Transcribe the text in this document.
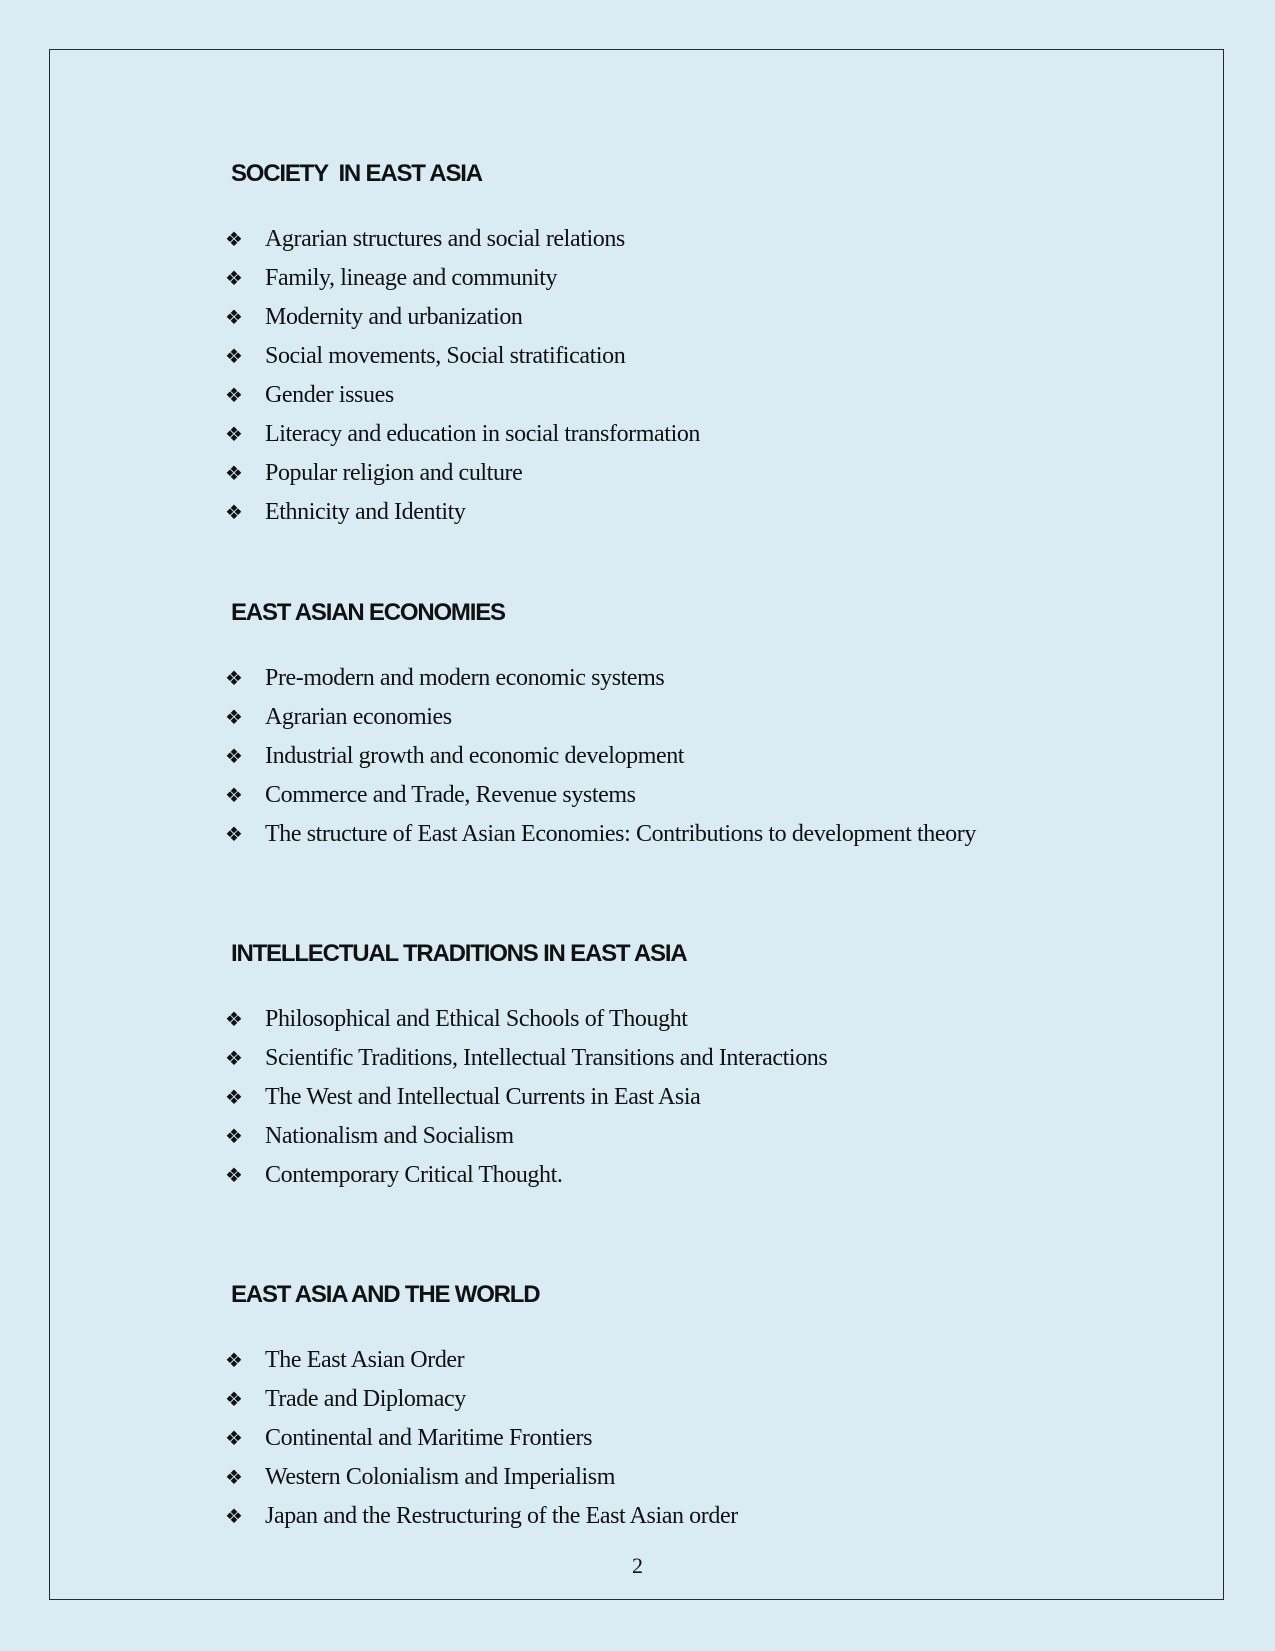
SOCIETY  IN EAST ASIA
❖ Agrarian structures and social relations
❖ Family, lineage and community
❖ Modernity and urbanization
❖ Social movements, Social stratification
❖ Gender issues
❖ Literacy and education in social transformation
❖ Popular religion and culture
❖ Ethnicity and Identity
EAST ASIAN ECONOMIES
❖ Pre-modern and modern economic systems
❖ Agrarian economies
❖ Industrial growth and economic development
❖ Commerce and Trade, Revenue systems
❖ The structure of East Asian Economies: Contributions to development theory
INTELLECTUAL TRADITIONS IN EAST ASIA
❖ Philosophical and Ethical Schools of Thought
❖ Scientific Traditions, Intellectual Transitions and Interactions
❖ The West and Intellectual Currents in East Asia
❖ Nationalism and Socialism
❖ Contemporary Critical Thought.
EAST ASIA AND THE WORLD
❖ The East Asian Order
❖ Trade and Diplomacy
❖ Continental and Maritime Frontiers
❖ Western Colonialism and Imperialism
❖ Japan and the Restructuring of the East Asian order
2
